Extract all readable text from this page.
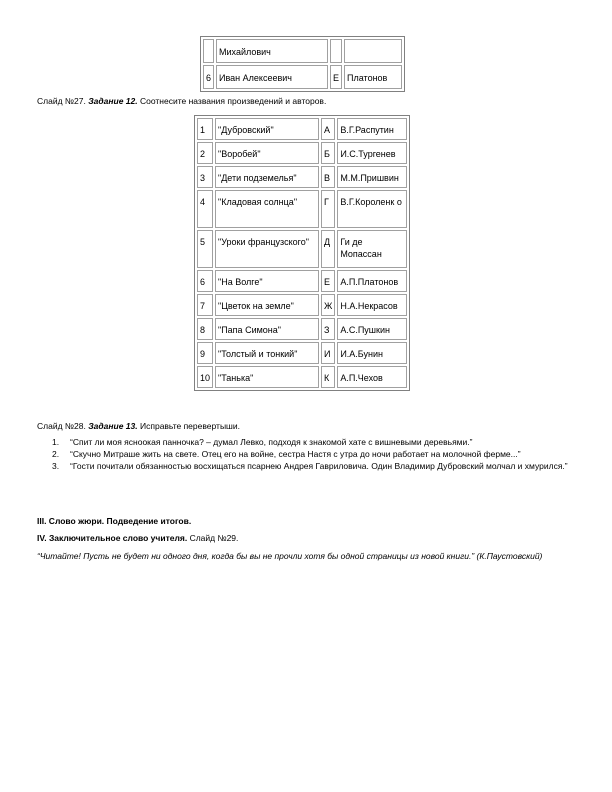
	Михайлович		
6	Иван Алексеевич	Е	Платонов
Слайд №27. Задание 12. Соотнесите названия произведений и авторов.
1	"Дубровский"	А	В.Г.Распутин
2	"Воробей"	Б	И.С.Тургенев
3	"Дети подземелья"	В	М.М.Пришвин
4	"Кладовая солнца"	Г	В.Г.Короленк о
5	"Уроки французского"	Д	Ги де Мопассан
6	"На Волге"	Е	А.П.Платонов
7	"Цветок на земле"	Ж	Н.А.Некрасов
8	"Папа Симона"	З	А.С.Пушкин
9	"Толстый и тонкий"	И	И.А.Бунин
10	"Танька"	К	А.П.Чехов
Слайд №28. Задание 13. Исправьте перевертыши.
1. “Спит ли моя ясноокая панночка? – думал Левко, подходя к знакомой хате с вишневыми деревьями.”
2. “Скучно Митраше жить на свете. Отец его на войне, сестра Настя с утра до ночи работает на молочной ферме...”
3. “Гости почитали обязанностью восхищаться псарнею Андрея Гавриловича. Один Владимир Дубровский молчал и хмурился.”
III. Слово жюри. Подведение итогов.
IV. Заключительное слово учителя. Слайд №29.
“Читайте! Пусть не будет ни одного дня, когда бы вы не прочли хотя бы одной страницы из новой книги.” (К.Паустовский)
